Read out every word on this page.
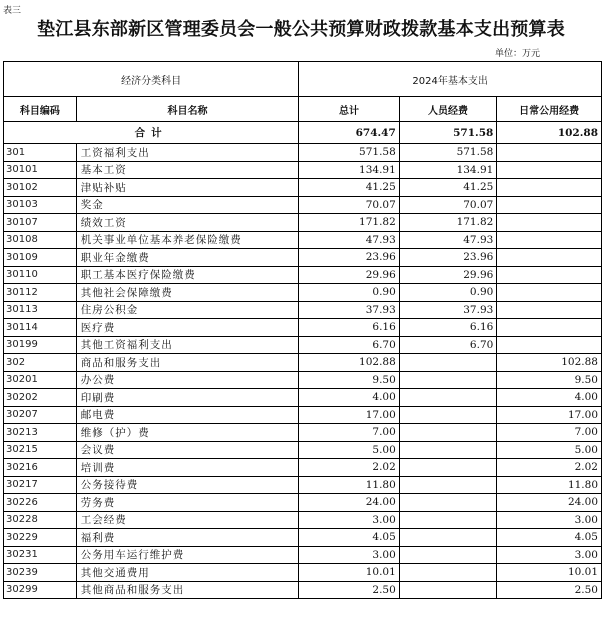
表三
垫江县东部新区管理委员会一般公共预算财政拨款基本支出预算表
单位：万元
经济分类科目		2024年基本支出		
科目编码	科目名称	总计	人员经费	日常公用经费
合计		674.47	571.58	102.88
301	工资福利支出	571.58	571.58	
30101	基本工资	134.91	134.91	
30102	津贴补贴	41.25	41.25	
30103	奖金	70.07	70.07	
30107	绩效工资	171.82	171.82	
30108	机关事业单位基本养老保险缴费	47.93	47.93	
30109	职业年金缴费	23.96	23.96	
30110	职工基本医疗保险缴费	29.96	29.96	
30112	其他社会保障缴费	0.90	0.90	
30113	住房公积金	37.93	37.93	
30114	医疗费	6.16	6.16	
30199	其他工资福利支出	6.70	6.70	
302	商品和服务支出	102.88		102.88
30201	办公费	9.50		9.50
30202	印刷费	4.00		4.00
30207	邮电费	17.00		17.00
30213	维修（护）费	7.00		7.00
30215	会议费	5.00		5.00
30216	培训费	2.02		2.02
30217	公务接待费	11.80		11.80
30226	劳务费	24.00		24.00
30228	工会经费	3.00		3.00
30229	福利费	4.05		4.05
30231	公务用车运行维护费	3.00		3.00
30239	其他交通费用	10.01		10.01
30299	其他商品和服务支出	2.50		2.50
